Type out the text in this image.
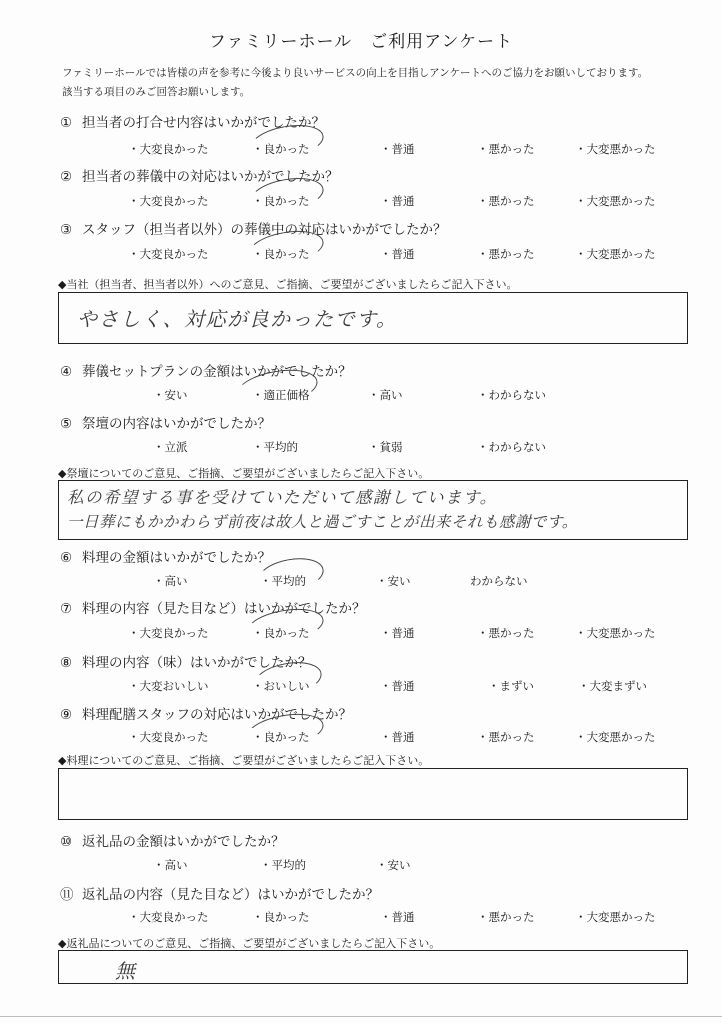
ファミリーホール　ご利用アンケート
ファミリーホールでは皆様の声を参考に今後より良いサービスの向上を目指しアンケートへのご協力をお願いしております。
該当する項目のみご回答お願いします。
① 担当者の打合せ内容はいかがでしたか？
・大変良かった	・良かった	・普通	・悪かった	・大変悪かった
② 担当者の葬儀中の対応はいかがでしたか？
・大変良かった	・良かった	・普通	・悪かった	・大変悪かった
③ スタッフ（担当者以外）の葬儀中の対応はいかがでしたか？
・大変良かった	・良かった	・普通	・悪かった	・大変悪かった
◆当社（担当者、担当者以外）へのご意見、ご指摘、ご要望がございましたらご記入下さい。
やさしく、対応が良かったです。
④ 葬儀セットプランの金額はいかがでしたか？
・安い	・適正価格	・高い	・わからない
⑤ 祭壇の内容はいかがでしたか？
・立派	・平均的	・貧弱	・わからない
◆祭壇についてのご意見、ご指摘、ご要望がございましたらご記入下さい。
私の希望する事を受けていただいて感謝しています。
一日葬にもかかわらず前夜は故人と過ごすことが出来それも感謝です。
⑥ 料理の金額はいかがでしたか？
・高い	・平均的	・安い	わからない
⑦ 料理の内容（見た目など）はいかがでしたか？
・大変良かった	・良かった	・普通	・悪かった	・大変悪かった
⑧ 料理の内容（味）はいかがでしたか？
・大変おいしい	・おいしい	・普通	・まずい	・大変まずい
⑨ 料理配膳スタッフの対応はいかがでしたか？
・大変良かった	・良かった	・普通	・悪かった	・大変悪かった
◆料理についてのご意見、ご指摘、ご要望がございましたらご記入下さい。
⑩ 返礼品の金額はいかがでしたか？
・高い	・平均的	・安い
⑪ 返礼品の内容（見た目など）はいかがでしたか？
・大変良かった	・良かった	・普通	・悪かった	・大変悪かった
◆返礼品についてのご意見、ご指摘、ご要望がございましたらご記入下さい。
無
